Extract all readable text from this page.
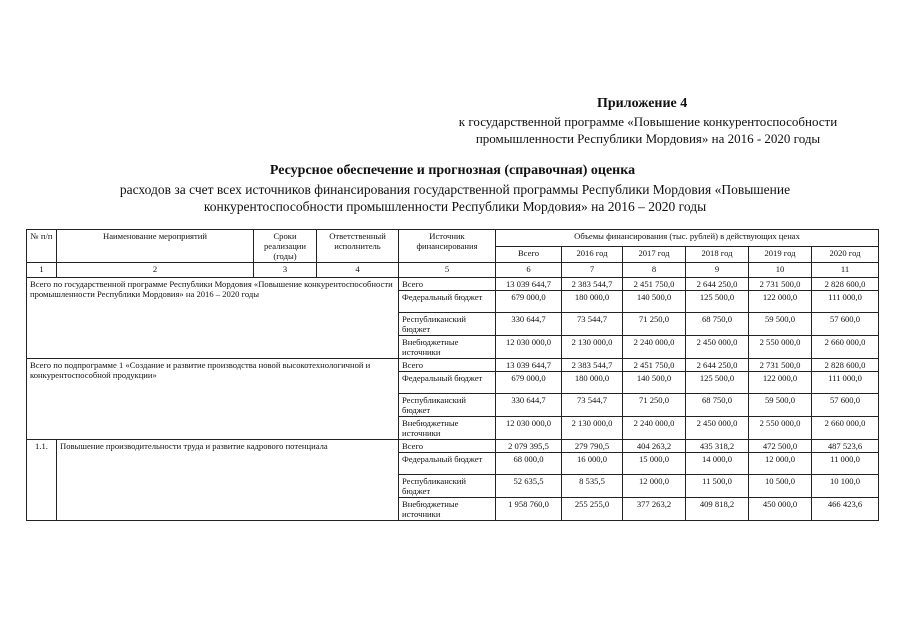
Приложение 4
к государственной программе «Повышение конкурентоспособности
промышленности Республики Мордовия» на 2016 - 2020 годы
Ресурсное обеспечение и прогнозная (справочная) оценка
расходов за счет всех источников финансирования государственной программы Республики Мордовия «Повышение
конкурентоспособности промышленности Республики Мордовия» на 2016 – 2020 годы
№ п/п	Наименование мероприятий	Сроки реализации (годы)	Ответственный исполнитель	Источник финансирования	Объемы финансирования (тыс. рублей) в действующих ценах					
					Всего	2016 год	2017 год	2018 год	2019 год	2020 год
1	2	3	4	5	6	7	8	9	10	11
Всего по государственной программе Республики Мордовия «Повышение конкурентоспособности промышленности Республики Мордовия» на 2016 – 2020 годы				Всего	13 039 644,7	2 383 544,7	2 451 750,0	2 644 250,0	2 731 500,0	2 828 600,0
				Федеральный бюджет	679 000,0	180 000,0	140 500,0	125 500,0	122 000,0	111 000,0
				Республиканский бюджет	330 644,7	73 544,7	71 250,0	68 750,0	59 500,0	57 600,0
				Внебюджетные источники	12 030 000,0	2 130 000,0	2 240 000,0	2 450 000,0	2 550 000,0	2 660 000,0
Всего по подпрограмме 1 «Создание и развитие производства новой высокотехнологичной и конкурентоспособной продукции»				Всего	13 039 644,7	2 383 544,7	2 451 750,0	2 644 250,0	2 731 500,0	2 828 600,0
				Федеральный бюджет	679 000,0	180 000,0	140 500,0	125 500,0	122 000,0	111 000,0
				Республиканский бюджет	330 644,7	73 544,7	71 250,0	68 750,0	59 500,0	57 600,0
				Внебюджетные источники	12 030 000,0	2 130 000,0	2 240 000,0	2 450 000,0	2 550 000,0	2 660 000,0
1.1.	Повышение производительности труда и развитие кадрового потенциала			Всего	2 079 395,5	279 790,5	404 263,2	435 318,2	472 500,0	487 523,6
				Федеральный бюджет	68 000,0	16 000,0	15 000,0	14 000,0	12 000,0	11 000,0
				Республиканский бюджет	52 635,5	8 535,5	12 000,0	11 500,0	10 500,0	10 100,0
				Внебюджетные источники	1 958 760,0	255 255,0	377 263,2	409 818,2	450 000,0	466 423,6
